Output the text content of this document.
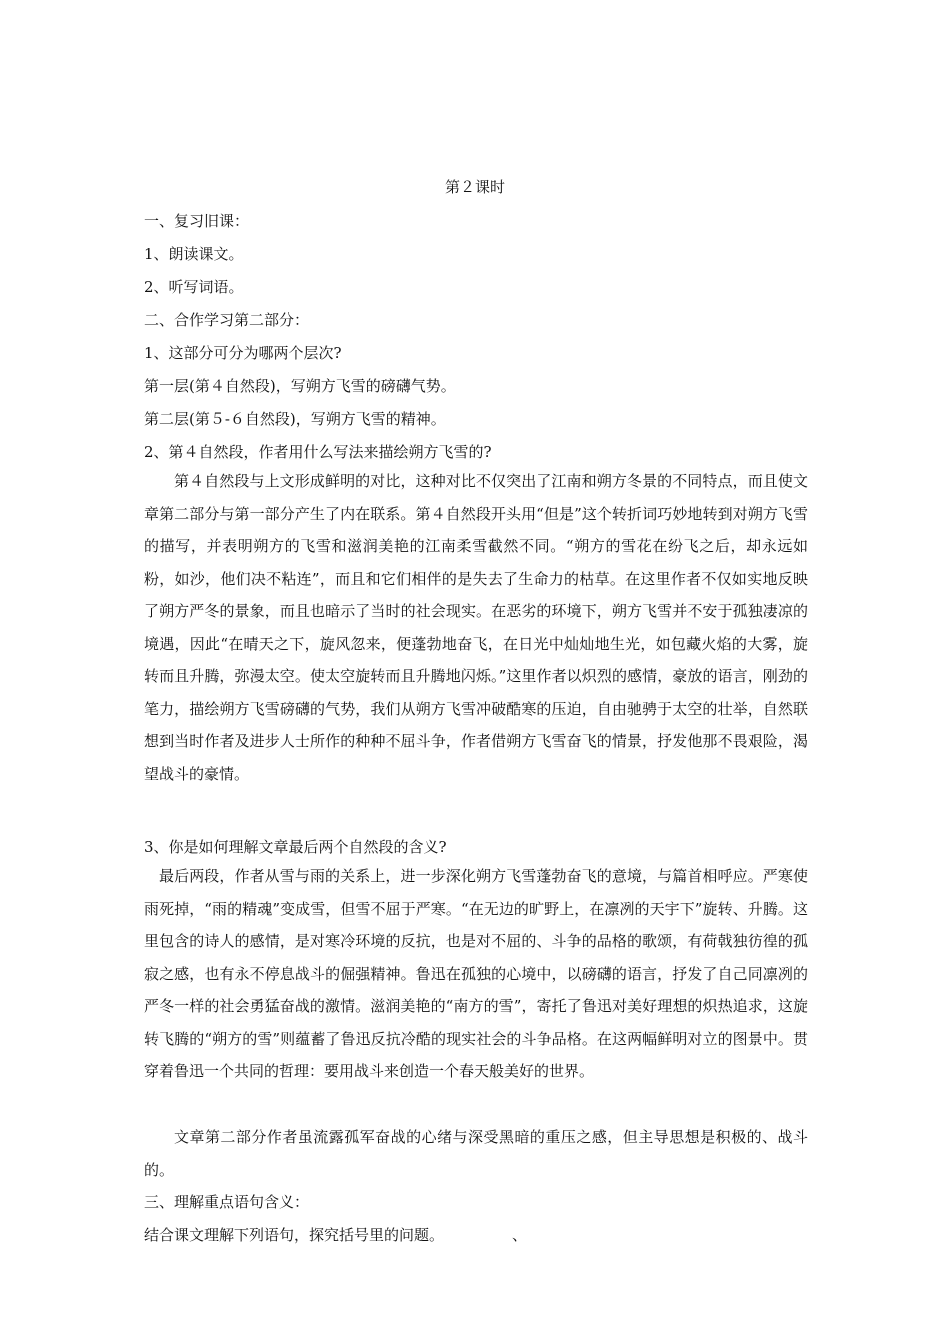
第２课时
一、复习旧课：
1、朗读课文。
2、听写词语。
二、合作学习第二部分：
1、这部分可分为哪两个层次?
第一层(第４自然段)，写朔方飞雪的磅礴气势。
第二层(第５-６自然段)，写朔方飞雪的精神。
2、第４自然段，作者用什么写法来描绘朔方飞雪的?

第４自然段与上文形成鲜明的对比，这种对比不仅突出了江南和朔方冬景的不同特点，而且使文章第二部分与第一部分产生了内在联系。第４自然段开头用“但是”这个转折词巧妙地转到对朔方飞雪的描写，并表明朔方的飞雪和滋润美艳的江南柔雪截然不同。“朔方的雪花在纷飞之后，却永远如粉，如沙，他们决不粘连”，而且和它们相伴的是失去了生命力的枯草。在这里作者不仅如实地反映了朔方严冬的景象，而且也暗示了当时的社会现实。在恶劣的环境下，朔方飞雪并不安于孤独凄凉的境遇，因此“在晴天之下，旋风忽来，便蓬勃地奋飞，在日光中灿灿地生光，如包藏火焰的大雾，旋转而且升腾，弥漫太空。使太空旋转而且升腾地闪烁。”这里作者以炽烈的感情，豪放的语言，刚劲的笔力，描绘朔方飞雪磅礴的气势，我们从朔方飞雪冲破酷寒的压迫，自由驰骋于太空的壮举，自然联想到当时作者及进步人士所作的种种不屈斗争，作者借朔方飞雪奋飞的情景，抒发他那不畏艰险，渴望战斗的豪情。

3、你是如何理解文章最后两个自然段的含义?

最后两段，作者从雪与雨的关系上，进一步深化朔方飞雪蓬勃奋飞的意境，与篇首相呼应。严寒使雨死掉，“雨的精魂”变成雪，但雪不屈于严寒。“在无边的旷野上，在凛冽的天宇下”旋转、升腾。这里包含的诗人的感情，是对寒冷环境的反抗，也是对不屈的、斗争的品格的歌颂，有荷戟独彷徨的孤寂之感，也有永不停息战斗的倔强精神。鲁迅在孤独的心境中，以磅礴的语言，抒发了自己同凛冽的严冬一样的社会勇猛奋战的激情。滋润美艳的“南方的雪”，寄托了鲁迅对美好理想的炽热追求，这旋转飞腾的“朔方的雪”则蕴蓄了鲁迅反抗冷酷的现实社会的斗争品格。在这两幅鲜明对立的图景中。贯穿着鲁迅一个共同的哲理：要用战斗来创造一个春天般美好的世界。

文章第二部分作者虽流露孤军奋战的心绪与深受黑暗的重压之感，但主导思想是积极的、战斗的。

三、理解重点语句含义：
结合课文理解下列语句，探究括号里的问题。	、
